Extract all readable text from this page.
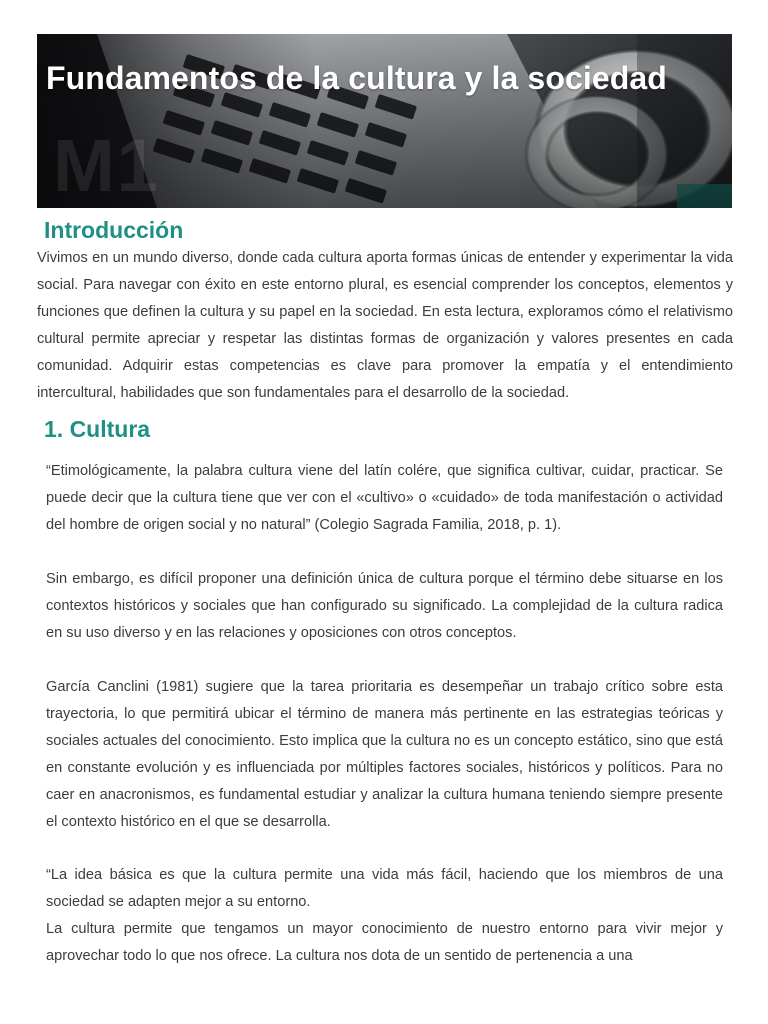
M1
Fundamentos de la cultura y la sociedad
Introducción

Vivimos en un mundo diverso, donde cada cultura aporta formas únicas de entender y experimentar la vida social. Para navegar con éxito en este entorno plural, es esencial comprender los conceptos, elementos y funciones que definen la cultura y su papel en la sociedad. En esta lectura, exploramos cómo el relativismo cultural permite apreciar y respetar las distintas formas de organización y valores presentes en cada comunidad. Adquirir estas competencias es clave para promover la empatía y el entendimiento intercultural, habilidades que son fundamentales para el desarrollo de la sociedad.

1. Cultura

“Etimológicamente, la palabra cultura viene del latín colére, que significa cultivar, cuidar, practicar. Se puede decir que la cultura tiene que ver con el «cultivo» o «cuidado» de toda manifestación o actividad del hombre de origen social y no natural” (Colegio Sagrada Familia, 2018, p. 1).

Sin embargo, es difícil proponer una definición única de cultura porque el término debe situarse en los contextos históricos y sociales que han configurado su significado. La complejidad de la cultura radica en su uso diverso y en las relaciones y oposiciones con otros conceptos.

García Canclini (1981) sugiere que la tarea prioritaria es desempeñar un trabajo crítico sobre esta trayectoria, lo que permitirá ubicar el término de manera más pertinente en las estrategias teóricas y sociales actuales del conocimiento. Esto implica que la cultura no es un concepto estático, sino que está en constante evolución y es influenciada por múltiples factores sociales, históricos y políticos. Para no caer en anacronismos, es fundamental estudiar y analizar la cultura humana teniendo siempre presente el contexto histórico en el que se desarrolla.

“La idea básica es que la cultura permite una vida más fácil, haciendo que los miembros de una sociedad se adapten mejor a su entorno.

La cultura permite que tengamos un mayor conocimiento de nuestro entorno para vivir mejor y aprovechar todo lo que nos ofrece. La cultura nos dota de un sentido de pertenencia a una
